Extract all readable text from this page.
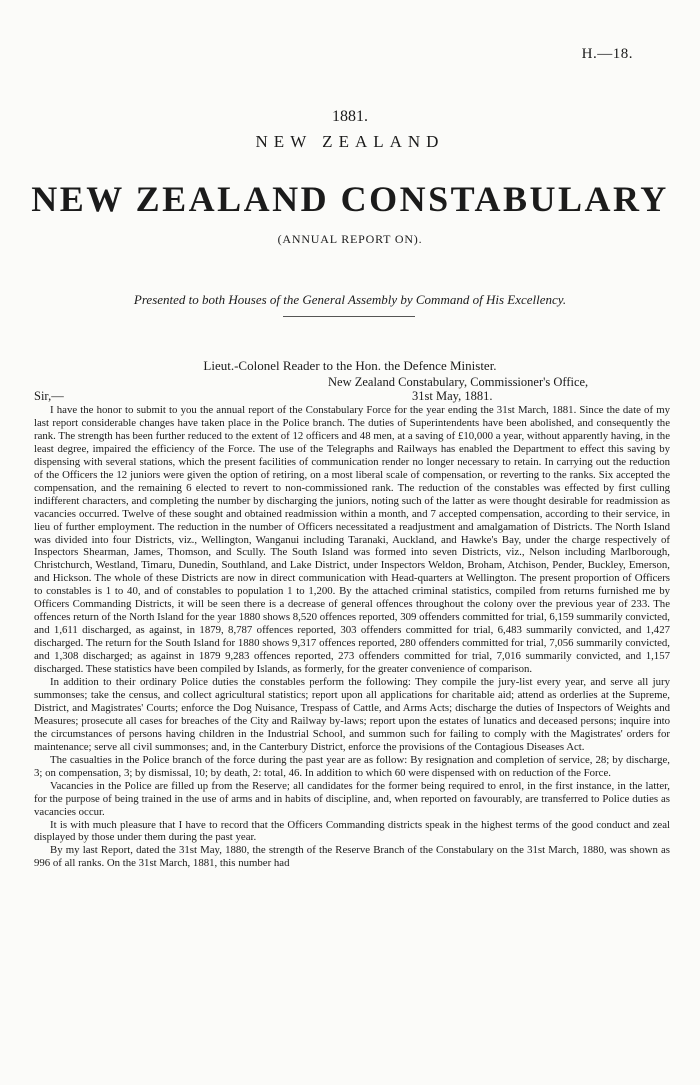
H.—18.
1881.
NEW ZEALAND
NEW ZEALAND CONSTABULARY
(ANNUAL REPORT ON).
Presented to both Houses of the General Assembly by Command of His Excellency.
Lieut.-Colonel Reader to the Hon. the Defence Minister.
New Zealand Constabulary, Commissioner's Office,
Sir,—	31st May, 1881.

I have the honor to submit to you the annual report of the Constabulary Force for the year ending the 31st March, 1881. Since the date of my last report considerable changes have taken place in the Police branch. The duties of Superintendents have been abolished, and consequently the rank. The strength has been further reduced to the extent of 12 officers and 48 men, at a saving of £10,000 a year, without apparently having, in the least degree, impaired the efficiency of the Force. The use of the Telegraphs and Railways has enabled the Department to effect this saving by dispensing with several stations, which the present facilities of communication render no longer necessary to retain. In carrying out the reduction of the Officers the 12 juniors were given the option of retiring, on a most liberal scale of compensation, or reverting to the ranks. Six accepted the compensation, and the remaining 6 elected to revert to non-commissioned rank. The reduction of the constables was effected by first culling indifferent characters, and completing the number by discharging the juniors, noting such of the latter as were thought desirable for readmission as vacancies occurred. Twelve of these sought and obtained readmission within a month, and 7 accepted compensation, according to their service, in lieu of further employment. The reduction in the number of Officers necessitated a readjustment and amalgamation of Districts. The North Island was divided into four Districts, viz., Wellington, Wanganui including Taranaki, Auckland, and Hawke's Bay, under the charge respectively of Inspectors Shearman, James, Thomson, and Scully. The South Island was formed into seven Districts, viz., Nelson including Marlborough, Christchurch, Westland, Timaru, Dunedin, Southland, and Lake District, under Inspectors Weldon, Broham, Atchison, Pender, Buckley, Emerson, and Hickson. The whole of these Districts are now in direct communication with Head-quarters at Wellington. The present proportion of Officers to constables is 1 to 40, and of constables to population 1 to 1,200. By the attached criminal statistics, compiled from returns furnished me by Officers Commanding Districts, it will be seen there is a decrease of general offences throughout the colony over the previous year of 233. The offences return of the North Island for the year 1880 shows 8,520 offences reported, 309 offenders committed for trial, 6,159 summarily convicted, and 1,611 discharged, as against, in 1879, 8,787 offences reported, 303 offenders committed for trial, 6,483 summarily convicted, and 1,427 discharged. The return for the South Island for 1880 shows 9,317 offences reported, 280 offenders committed for trial, 7,056 summarily convicted, and 1,308 discharged; as against in 1879 9,283 offences reported, 273 offenders committed for trial, 7,016 summarily convicted, and 1,157 discharged. These statistics have been compiled by Islands, as formerly, for the greater convenience of comparison.

In addition to their ordinary Police duties the constables perform the following: They compile the jury-list every year, and serve all jury summonses; take the census, and collect agricultural statistics; report upon all applications for charitable aid; attend as orderlies at the Supreme, District, and Magistrates' Courts; enforce the Dog Nuisance, Trespass of Cattle, and Arms Acts; discharge the duties of Inspectors of Weights and Measures; prosecute all cases for breaches of the City and Railway by-laws; report upon the estates of lunatics and deceased persons; inquire into the circumstances of persons having children in the Industrial School, and summon such for failing to comply with the Magistrates' orders for maintenance; serve all civil summonses; and, in the Canterbury District, enforce the provisions of the Contagious Diseases Act.

The casualties in the Police branch of the force during the past year are as follow: By resignation and completion of service, 28; by discharge, 3; on compensation, 3; by dismissal, 10; by death, 2: total, 46. In addition to which 60 were dispensed with on reduction of the Force.

Vacancies in the Police are filled up from the Reserve; all candidates for the former being required to enrol, in the first instance, in the latter, for the purpose of being trained in the use of arms and in habits of discipline, and, when reported on favourably, are transferred to Police duties as vacancies occur.

It is with much pleasure that I have to record that the Officers Commanding districts speak in the highest terms of the good conduct and zeal displayed by those under them during the past year.

By my last Report, dated the 31st May, 1880, the strength of the Reserve Branch of the Constabulary on the 31st March, 1880, was shown as 996 of all ranks. On the 31st March, 1881, this number had
